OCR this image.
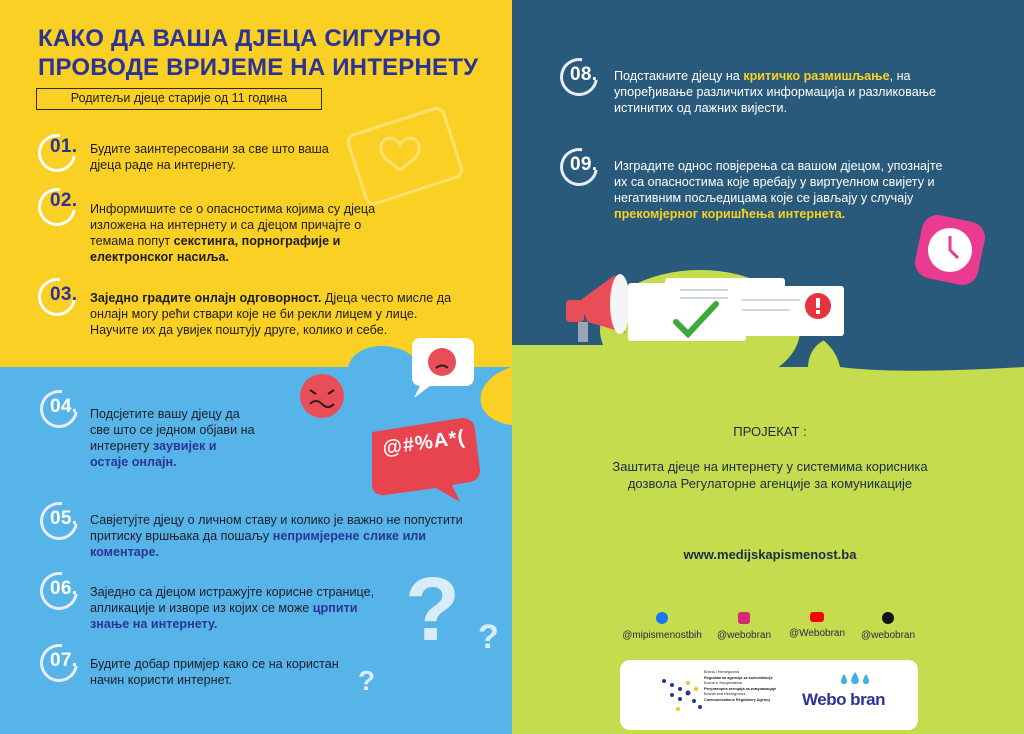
? ?
?
КАКО ДА ВАША ДЈЕЦА СИГУРНО
ПРОВОДЕ ВРИЈЕМЕ НА ИНТЕРНЕТУ
Родитељи дјеце старије од 11 година
01. Будите заинтересовани за све што ваша дјеца раде на интернету.
02. Информишите се о опасностима којима су дјеца изложена на интернету и са дјецом причајте о темама попут секстинга, порнографије и електронског насиља.
03. Заједно градите онлајн одговорност. Дјеца често мисле да онлајн могу рећи ствари које не би рекли лицем у лице. Научите их да увијек поштују друге, колико и себе.
04. Подсјетите вашу дјецу да све што се једном објави на интернету заувијек и остаје онлајн.
05. Савјетујте дјецу о личном ставу и колико је важно не попустити притиску вршњака да пошаљу непримјерене слике или коментаре.
06. Заједно са дјецом истражујте корисне странице, апликације и изворе из којих се може црпити знање на интернету.
07. Будите добар примјер како се на користан начин користи интернет.
08. Подстакните дјецу на критичко размишљање, на упоређивање различитих информација и разликовање истинитих од лажних вијести.
09. Изградите однос повјерења са вашом дјецом, упознајте их са опасностима које вребају у виртуелном свијету и негативним посљедицама које се јављају у случају прекомјерног коришћења интернета.
@#%A*(	ПРОЈЕКАТ :
Заштита дјеце на интернету у системима корисника дозвола Регулаторне агенције за комуникације
www.medijskapismenost.ba
@mipismenostbih	@webobran	@Webobran	@webobran
Bosna i Hercegovina
Regulatorna agencija za komunikacije
Босна и Херцеговина
Регулаторна агенција за комуникације
Bosnia and Herzegovina
Communications Regulatory Agency	Webo bran
